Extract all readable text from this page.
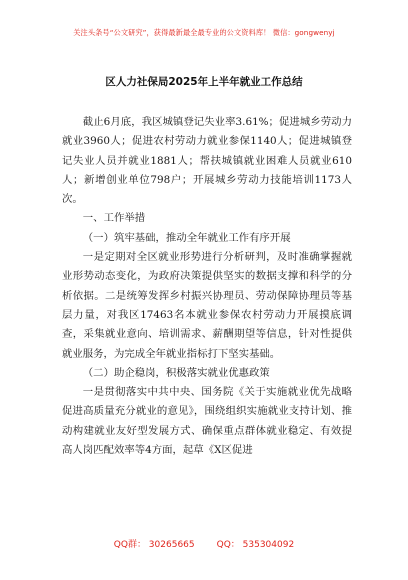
关注头条号“公文研究”，获得最新最全最专业的公文资料库！ 微信：gongwenyj
区人力社保局2025年上半年就业工作总结

截止6月底，我区城镇登记失业率3.61%；促进城乡劳动力就业3960人；促进农村劳动力就业参保1140人；促进城镇登记失业人员并就业1881人；帮扶城镇就业困难人员就业610人；新增创业单位798户；开展城乡劳动力技能培训1173人次。

一、工作举措

（一）筑牢基础，推动全年就业工作有序开展

一是定期对全区就业形势进行分析研判，及时准确掌握就业形势动态变化，为政府决策提供坚实的数据支撑和科学的分析依据。二是统筹发挥乡村振兴协理员、劳动保障协理员等基层力量，对我区17463名本就业参保农村劳动力开展摸底调查，采集就业意向、培训需求、薪酬期望等信息，针对性提供就业服务，为完成全年就业指标打下坚实基础。

（二）助企稳岗，积极落实就业优惠政策

一是贯彻落实中共中央、国务院《关于实施就业优先战略促进高质量充分就业的意见》，围绕组织实施就业支持计划、推动构建就业友好型发展方式、确保重点群体就业稳定、有效提高人岗匹配效率等4方面，起草《X区促进

QQ群： 30265665 QQ： 535304092
